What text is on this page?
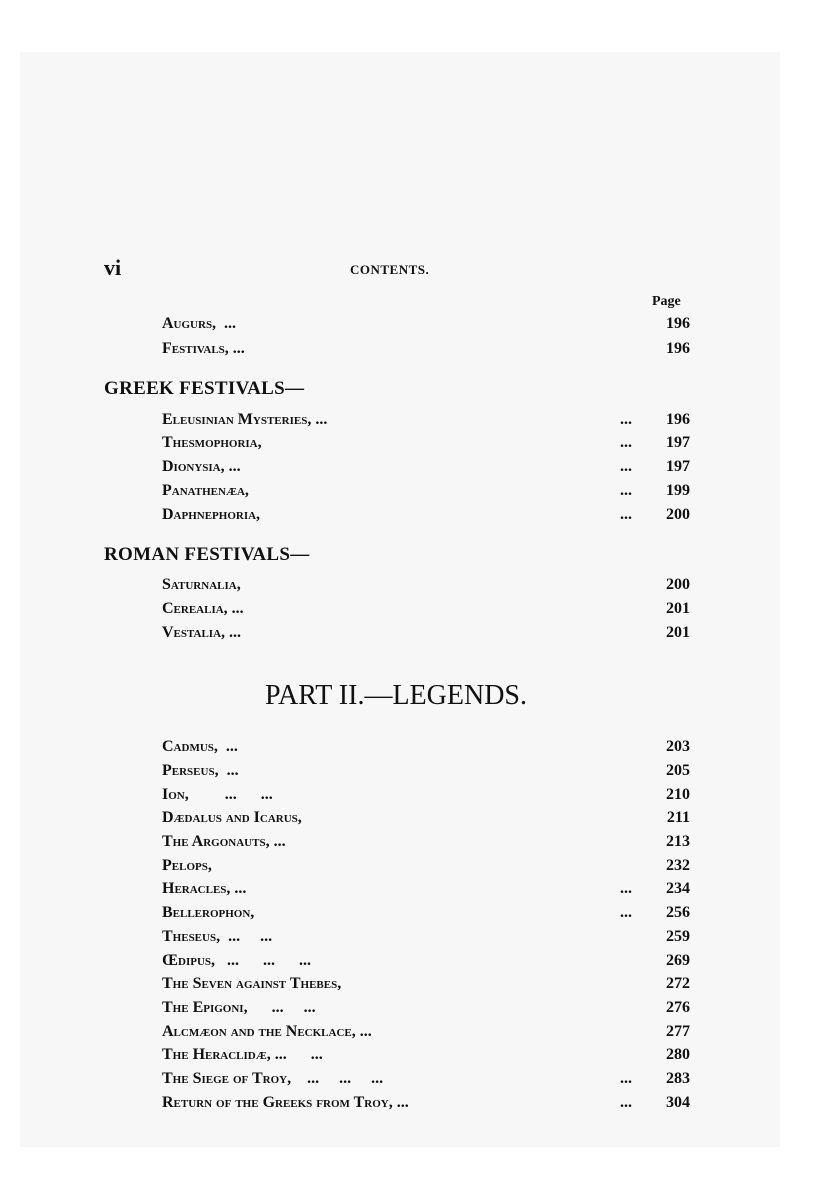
vi	CONTENTS.
Page
Augurs,  ...	196
Festivals, ...	196
GREEK FESTIVALS—
Eleusinian Mysteries, ...	... 196
Thesmophoria,	... 197
Dionysia, ...	... 197
Panathenæa,	... 199
Daphnephoria,	... 200
ROMAN FESTIVALS—
Saturnalia,	200
Cerealia, ...	201
Vestalia, ...	201
PART II.—LEGENDS.
Cadmus,  ...	203
Perseus,  ...	205
Ion,         ...      ...	210
Dædalus and Icarus,	211
The Argonauts, ...	213
Pelops,	232
Heracles, ...	... 234
Bellerophon,	... 256
Theseus,  ...     ...	259
Œdipus,   ...      ...      ...	269
The Seven against Thebes,	272
The Epigoni,      ...     ...	276
Alcmæon and the Necklace, ...	277
The Heraclidæ, ...      ...	280
The Siege of Troy,    ...     ...     ...	... 283
Return of the Greeks from Troy, ...	... 304
